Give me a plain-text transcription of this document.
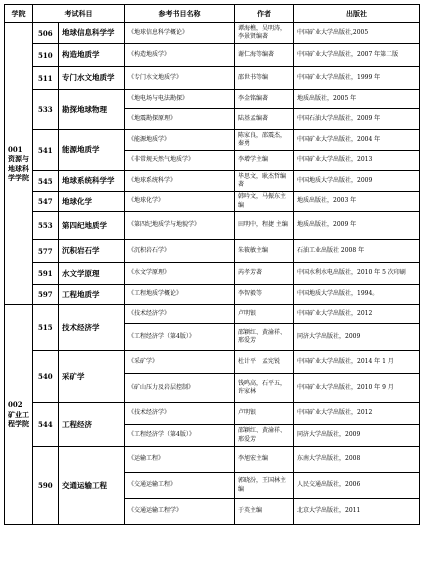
学院	考试科目		参考书目名称	作者	出版社
001 资源与地球科学学院	506	地球信息科学学	《地球信息科学概论》	谭海樵，吴明涛，李景贤编著	中国矿业大学出版社,2005
	510	构造地质学	《构造地质学》	谢仁海等编著	中国矿业大学出版社，2007 年第二版
	511	专门水文地质学	《专门水文地质学》	邵世书等编	中国矿业大学出版社，1999 年
	533	勘探地球物理	《地电场与电法勘探》	李金铭编著	地质出版社，2005 年
			《地震勘探原理》	陆基孟编著	中国石油大学出版社，2009 年
	541	能源地质学	《能源地质学》	陈家良，邵震杰，秦勇	中国矿业大学出版社，2004 年
			《非常规天然气地质学》	李增学主编	中国矿业大学出版社，2013
	545	地球系统科学学	《地球系统科学》	毕思文，耿杰哲编著	中国地质大学出版社，2009
	547	地球化学	《地球化学》	韩吟文，马振东主编	地质出版社，2003 年
	553	第四纪地质学	《第四纪地质学与地貌学》	田明中，程捷 主编	地质出版社，2009 年
	577	沉积岩石学	《沉积岩石学》	朱筱敏主编	石油工业出版社 2008 年
	591	水文学原理	《水文学原理》	芮孝芳著	中国水利水电出版社，2010 年 5 次印刷
	597	工程地质学	《工程地质学概论》	李智毅等	中国地质大学出版社，1994。
002 矿业工程学院	515	技术经济学	《技术经济学》	卢明银	中国矿业大学出版社，2012
			《工程经济学（第4版）》	邵颖红、黄渝祥、邢爱芳	同济大学出版社，2009
	540	采矿学	《采矿学》	杜计平　孟宪锐	中国矿业大学出版社，2014 年 1 月
			《矿山压力及岩层控制》	钱鸣高，石平五，许家林	中国矿业大学出版社，2010 年 9 月
	544	工程经济	《技术经济学》	卢明银	中国矿业大学出版社，2012
			《工程经济学（第4版）》	邵颖红、黄渝祥、邢爱芳	同济大学出版社，2009
	590	交通运输工程	《运输工程》	李旭宏主编	东南大学出版社，2008
			《交通运输工程》	郭晓汾，王国林主编	人民交通出版社，2006
			《交通运输工程学》	于英主编	北京大学出版社，2011
